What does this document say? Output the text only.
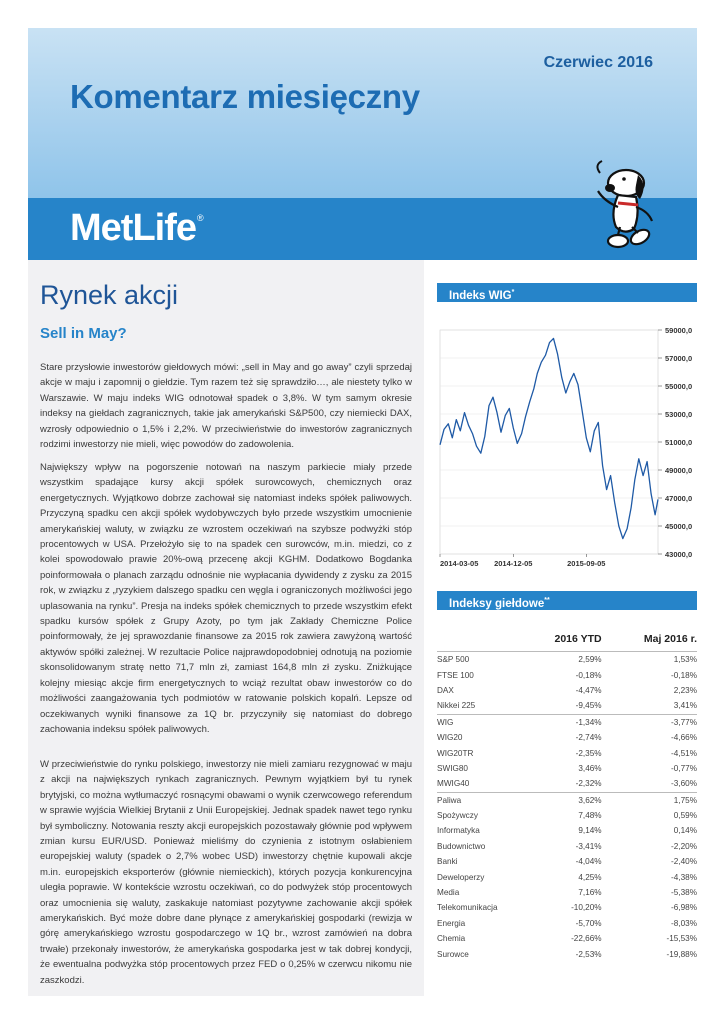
Czerwiec 2016
Komentarz miesięczny
MetLife®
Rynek akcji
Sell in May?

Stare przysłowie inwestorów giełdowych mówi: „sell in May and go away” czyli sprzedaj akcje w maju i zapomnij o giełdzie. Tym razem też się sprawdziło…, ale niestety tylko w Warszawie. W maju indeks WIG odnotował spadek o 3,8%. W tym samym okresie indeksy na giełdach zagranicznych, takie jak amerykański S&P500, czy niemiecki DAX, wzrosły odpowiednio o 1,5% i 2,2%. W przeciwieństwie do inwestorów zagranicznych rodzimi inwestorzy nie mieli, więc powodów do zadowolenia.

Największy wpływ na pogorszenie notowań na naszym parkiecie miały przede wszystkim spadające kursy akcji spółek surowcowych, chemicznych oraz energetycznych. Wyjątkowo dobrze zachował się natomiast indeks spółek paliwowych. Przyczyną spadku cen akcji spółek wydobywczych było przede wszystkim umocnienie amerykańskiej waluty, w związku ze wzrostem oczekiwań na szybsze podwyżki stóp procentowych w USA. Przełożyło się to na spadek cen surowców, m.in. miedzi, co z kolei spowodowało prawie 20%-ową przecenę akcji KGHM. Dodatkowo Bogdanka poinformowała o planach zarządu odnośnie nie wypłacania dywidendy z zysku za 2015 rok, w związku z „ryzykiem dalszego spadku cen węgla i ograniczonych możliwości jego uplasowania na rynku”. Presja na indeks spółek chemicznych to przede wszystkim efekt spadku kursów spółek z Grupy Azoty, po tym jak Zakłady Chemiczne Police poinformowały, że jej sprawozdanie finansowe za 2015 rok zawiera zawyżoną wartość aktywów spółki zależnej. W rezultacie Police najprawdopodobniej odnotują na poziomie skonsolidowanym stratę netto 71,7 mln zł, zamiast 164,8 mln zł zysku. Zniżkujące kolejny miesiąc akcje firm energetycznych to wciąż rezultat obaw inwestorów co do możliwości zaangażowania tych podmiotów w ratowanie polskich kopalń. Lepsze od oczekiwanych wyniki finansowe za 1Q br. przyczyniły się natomiast do dobrego zachowania indeksu spółek paliwowych.

W przeciwieństwie do rynku polskiego, inwestorzy nie mieli zamiaru rezygnować w maju z akcji na największych rynkach zagranicznych. Pewnym wyjątkiem był tu rynek brytyjski, co można wytłumaczyć rosnącymi obawami o wynik czerwcowego referendum w sprawie wyjścia Wielkiej Brytanii z Unii Europejskiej. Jednak spadek nawet tego rynku był symboliczny. Notowania reszty akcji europejskich pozostawały głównie pod wpływem zmian kursu EUR/USD. Ponieważ mieliśmy do czynienia z istotnym osłabieniem europejskiej waluty (spadek o 2,7% wobec USD) inwestorzy chętnie kupowali akcje m.in. europejskich eksporterów (głównie niemieckich), których pozycja konkurencyjna uległa poprawie. W kontekście wzrostu oczekiwań, co do podwyżek stóp procentowych oraz umocnienia się waluty, zaskakuje natomiast pozytywne zachowanie akcji spółek amerykańskich. Być może dobre dane płynące z amerykańskiej gospodarki (rewizja w górę amerykańskiego wzrostu gospodarczego w 1Q br., wzrost zamówień na dobra trwałe) przekonały inwestorów, że amerykańska gospodarka jest w tak dobrej kondycji, że ewentualna podwyżka stóp procentowych przez FED o 0,25% w czerwcu nikomu nie zaszkodzi.

Indeks WIG*
59000,0
57000,0
55000,0
53000,0
51000,0
49000,0
47000,0
45000,0
43000,0
2014-03-05 2014-12-05	2015-09-05
Indeksy giełdowe**
	2016 YTD	Maj 2016 r.
S&P 500	2,59%	1,53%
FTSE 100	-0,18%	-0,18%
DAX	-4,47%	2,23%
Nikkei 225	-9,45%	3,41%
WIG	-1,34%	-3,77%
WIG20	-2,74%	-4,66%
WIG20TR	-2,35%	-4,51%
SWIG80	3,46%	-0,77%
MWIG40	-2,32%	-3,60%
Paliwa	3,62%	1,75%
Spożywczy	7,48%	0,59%
Informatyka	9,14%	0,14%
Budownictwo	-3,41%	-2,20%
Banki	-4,04%	-2,40%
Deweloperzy	4,25%	-4,38%
Media	7,16%	-5,38%
Telekomunikacja	-10,20%	-6,98%
Energia	-5,70%	-8,03%
Chemia	-22,66%	-15,53%
Surowce	-2,53%	-19,88%
